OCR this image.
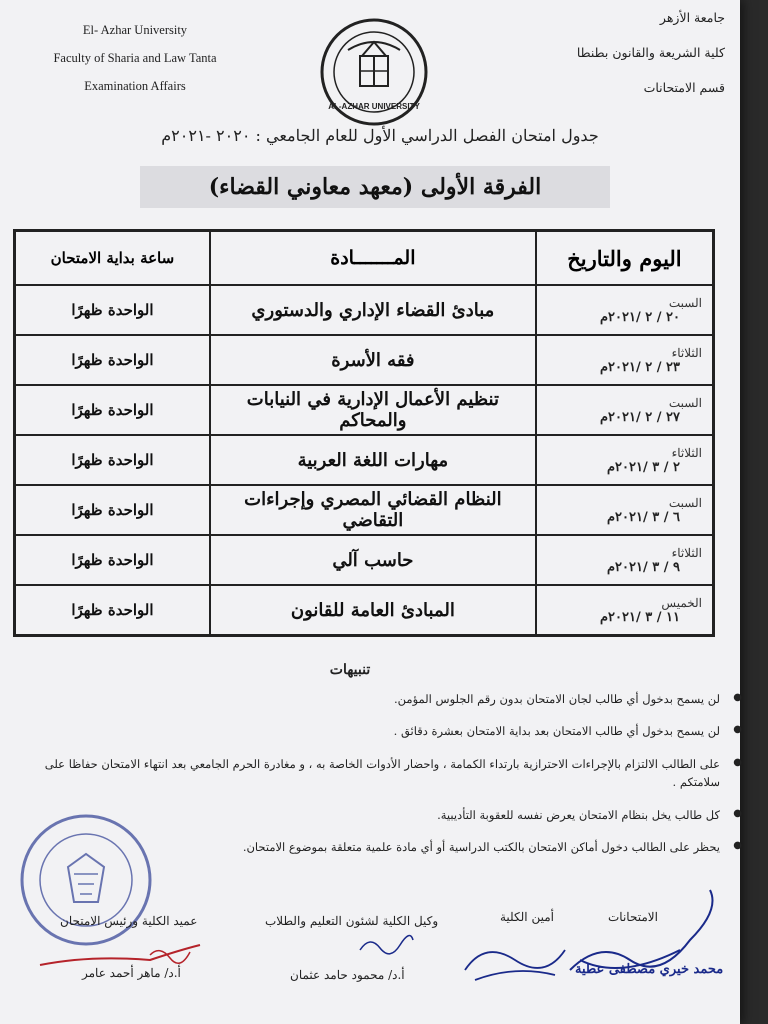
El- Azhar University
Faculty of Sharia and Law Tanta
Examination Affairs
AL-AZHAR UNIVERSITY
جامعة الأزهر
كلية الشريعة والقانون بطنطا
قسم الامتحانات
جدول امتحان الفصل الدراسي الأول للعام الجامعي : ٢٠٢٠ -٢٠٢١م
الفرقة الأولى (معهد معاوني القضاء)
اليوم والتاريخ	المـــــــادة	ساعة بداية الامتحان

السبت
٢٠ / ٢ /٢٠٢١م	مبادئ القضاء الإداري والدستوري	الواحدة ظهرًا

الثلاثاء
٢٣ / ٢ /٢٠٢١م	فقه الأسرة	الواحدة ظهرًا

السبت
٢٧ / ٢ /٢٠٢١م	تنظيم الأعمال الإدارية في النيابات والمحاكم	الواحدة ظهرًا

الثلاثاء
٢ / ٣ /٢٠٢١م	مهارات اللغة العربية	الواحدة ظهرًا

السبت
٦ / ٣ /٢٠٢١م	النظام القضائي المصري وإجراءات التقاضي	الواحدة ظهرًا

الثلاثاء
٩ / ٣ /٢٠٢١م	حاسب آلي	الواحدة ظهرًا

الخميس
١١ / ٣ /٢٠٢١م	المبادئ العامة للقانون	الواحدة ظهرًا
تنبيهات
● لن يسمح بدخول أي طالب لجان الامتحان بدون رقم الجلوس المؤمن.
● لن يسمح بدخول أي طالب الامتحان بعد بداية الامتحان بعشرة دقائق .
● على الطالب الالتزام بالإجراءات الاحترازية بارتداء الكمامة ، واحضار الأدوات الخاصة به ، و مغادرة الحرم الجامعي بعد انتهاء الامتحان حفاظا على سلامتكم .
● كل طالب يخل بنظام الامتحان يعرض نفسه للعقوبة التأديبية.
● يحظر على الطالب دخول أماكن الامتحان بالكتب الدراسية أو أي مادة علمية متعلقة بموضوع الامتحان.
الامتحانات
أمين الكلية
وكيل الكلية لشئون التعليم والطلاب
عميد الكلية ورئيس الامتحان
محمد خيري مصطفى عطية
أ.د/ محمود حامد عثمان
أ.د/ ماهر أحمد عامر
